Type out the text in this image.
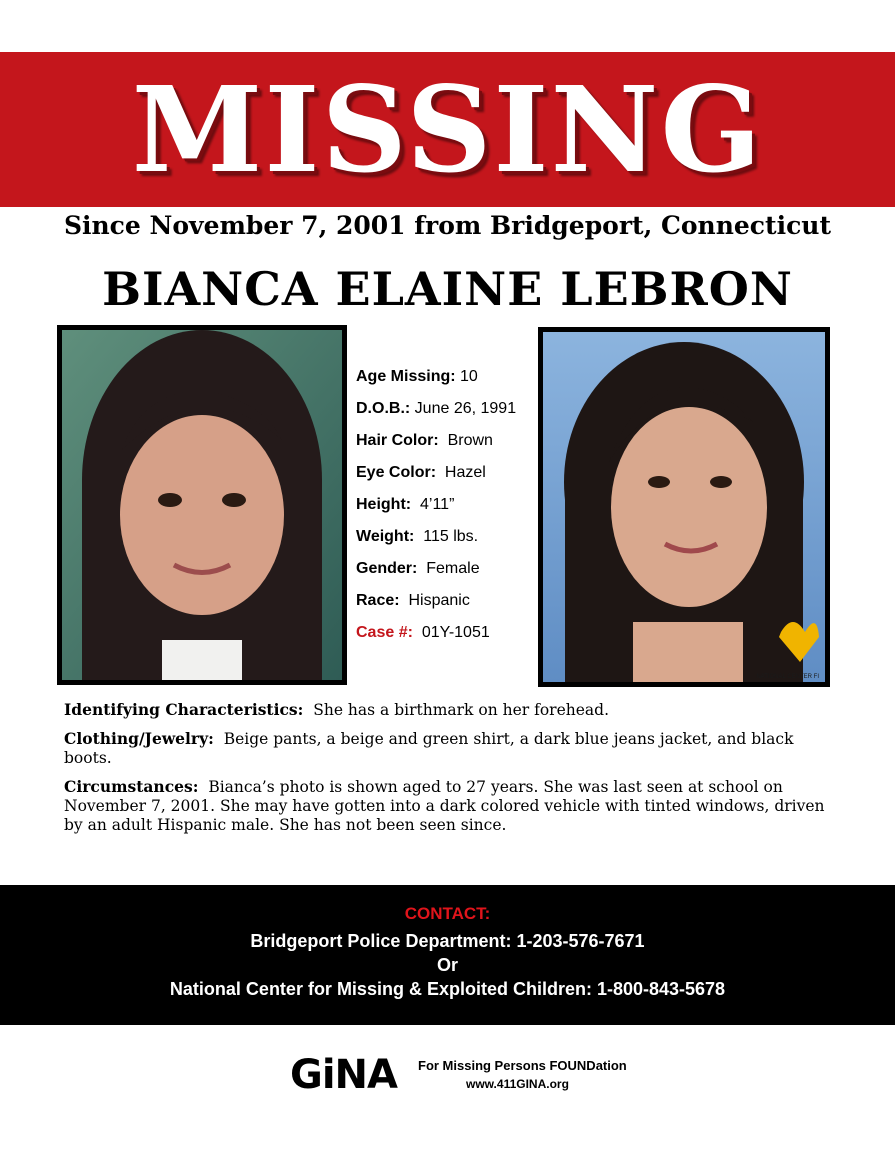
MISSING
Since November 7, 2001 from Bridgeport, Connecticut
BIANCA ELAINE LEBRON
Age Missing: 10
D.O.B.: June 26, 1991
Hair Color: Brown
Eye Color: Hazel
Height: 4’11”
Weight: 115 lbs.
Gender: Female
Race: Hispanic
Case #: 01Y-1051
NATIONAL CENTER FI

Identifying Characteristics: She has a birthmark on her forehead.

Clothing/Jewelry: Beige pants, a beige and green shirt, a dark blue jeans jacket, and black boots.

Circumstances: Bianca’s photo is shown aged to 27 years. She was last seen at school on November 7, 2001. She may have gotten into a dark colored vehicle with tinted windows, driven by an adult Hispanic male. She has not been seen since.

CONTACT:
Bridgeport Police Department: 1-203-576-7671
Or
National Center for Missing & Exploited Children: 1-800-843-5678
GiNA For Missing Persons FOUNDation
www.411GINA.org
